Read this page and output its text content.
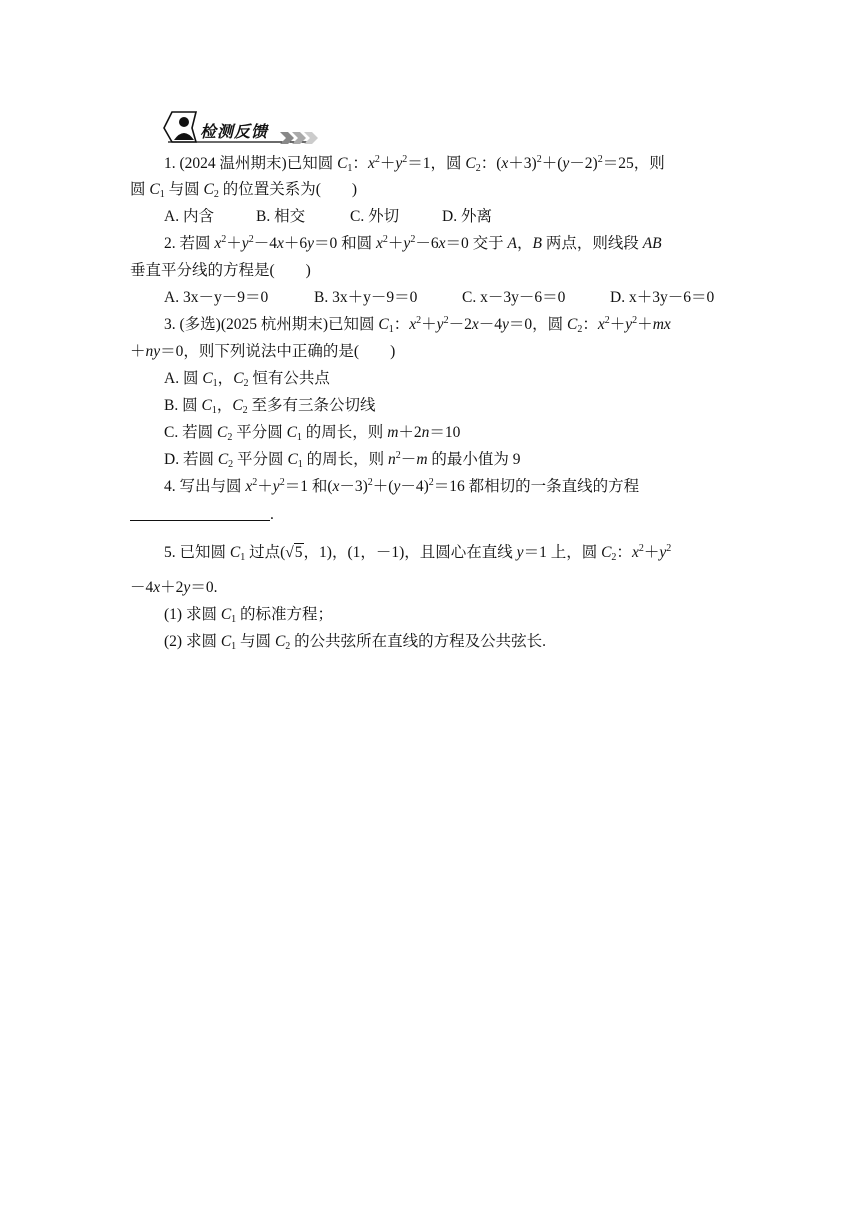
检测反馈
1. (2024 温州期末)已知圆 $C_1$：$x^2+y^2=1$，圆 $C_2$：$(x+3)^2+(y-2)^2=25$，则
圆 $C_1$ 与圆 $C_2$ 的位置关系为(　　)
A. 内含	B. 相交	C. 外切	D. 外离
2. 若圆 $x^2+y^2-4x+6y=0$ 和圆 $x^2+y^2-6x=0$ 交于 A，B 两点，则线段 AB
垂直平分线的方程是(　　)
A. 3x－y－9＝0	B. 3x＋y－9＝0	C. x－3y－6＝0	D. x＋3y－6＝0
3. (多选)(2025 杭州期末)已知圆 $C_1$：$x^2+y^2-2x-4y=0$，圆 $C_2$：$x^2+y^2+mx$
＋ny＝0，则下列说法中正确的是(　　)
A. 圆 $C_1$，$C_2$ 恒有公共点
B. 圆 $C_1$，$C_2$ 至多有三条公切线
C. 若圆 $C_2$ 平分圆 $C_1$ 的周长，则 m＋2n＝10
D. 若圆 $C_2$ 平分圆 $C_1$ 的周长，则 $n^2-m$ 的最小值为 9
4. 写出与圆 $x^2+y^2=1$ 和$(x-3)^2+(y-4)^2=16$ 都相切的一条直线的方程
.
5. 已知圆 $C_1$ 过点(√5，1)，(1，－1)，且圆心在直线 y＝1 上，圆 $C_2$：$x^2+y^2$
－4x＋2y＝0.
(1) 求圆 $C_1$ 的标准方程；
(2) 求圆 $C_1$ 与圆 $C_2$ 的公共弦所在直线的方程及公共弦长.
